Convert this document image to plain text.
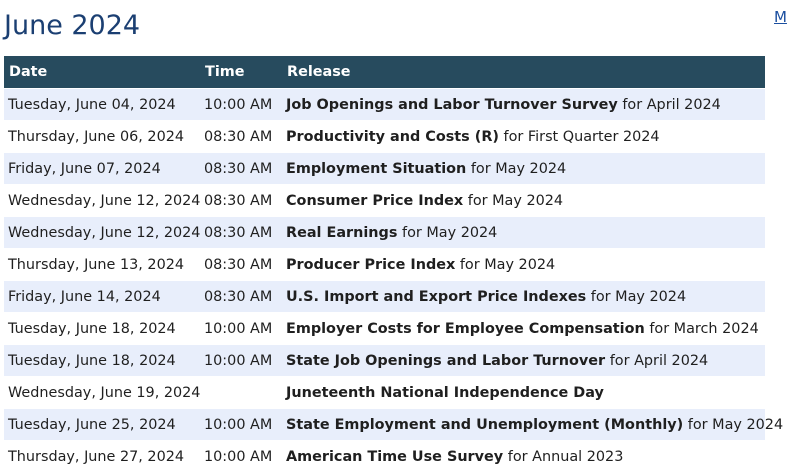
June 2024	M
Date	Time	Release
Tuesday, June 04, 2024	10:00 AM	Job Openings and Labor Turnover Survey for April 2024
Thursday, June 06, 2024	08:30 AM	Productivity and Costs (R) for First Quarter 2024
Friday, June 07, 2024	08:30 AM	Employment Situation for May 2024
Wednesday, June 12, 2024	08:30 AM	Consumer Price Index for May 2024
Wednesday, June 12, 2024	08:30 AM	Real Earnings for May 2024
Thursday, June 13, 2024	08:30 AM	Producer Price Index for May 2024
Friday, June 14, 2024	08:30 AM	U.S. Import and Export Price Indexes for May 2024
Tuesday, June 18, 2024	10:00 AM	Employer Costs for Employee Compensation for March 2024
Tuesday, June 18, 2024	10:00 AM	State Job Openings and Labor Turnover for April 2024
Wednesday, June 19, 2024		Juneteenth National Independence Day
Tuesday, June 25, 2024	10:00 AM	State Employment and Unemployment (Monthly) for May 2024
Thursday, June 27, 2024	10:00 AM	American Time Use Survey for Annual 2023
